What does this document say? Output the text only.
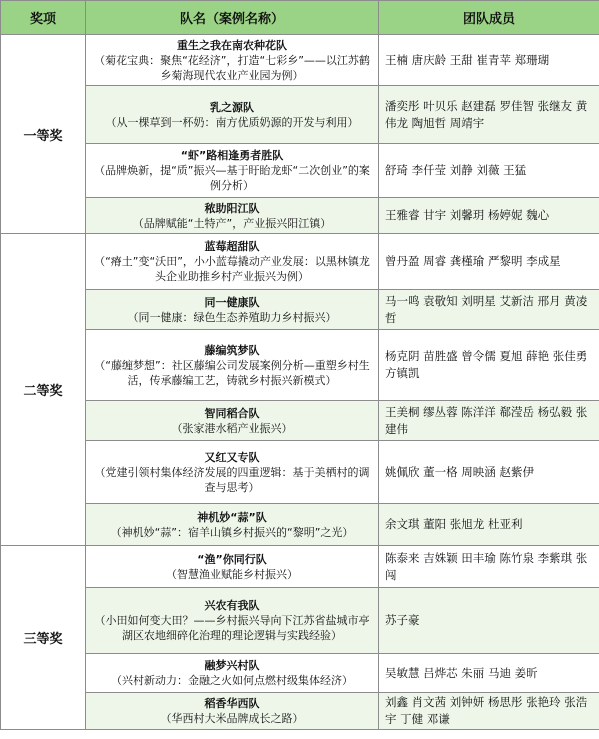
奖项	队名（案例名称）	团队成员
一等奖	重生之我在南农种花队
（菊花宝典：聚焦“花经济”，打造“七彩乡”——以江苏鹤乡菊海现代农业产业园为例）	王楠 唐庆龄 王甜 崔青苹 郑珊瑚

	乳之源队
（从一棵草到一杯奶：南方优质奶源的开发与利用）	潘奕彤 叶贝乐 赵建磊 罗佳智 张继友 黄伟龙 陶旭哲 周靖宇

	“虾”路相逢勇者胜队
（品牌焕新，提“质”振兴—基于盱眙龙虾“二次创业”的案例分析）	舒琦 李仟莹 刘静 刘薇 王猛

	秾助阳江队
（品牌赋能“土特产”，产业振兴阳江镇）	王雅睿 甘宇 刘馨玥 杨婷妮 魏心
二等奖	蓝莓超甜队
（“瘠土”变“沃田”，小小蓝莓撬动产业发展：以黑林镇龙头企业助推乡村产业振兴为例）	曾丹盈 周睿 龚槿瑜 严黎明 李成星

	同一健康队
（同一健康：绿色生态养殖助力乡村振兴）	马一鸣 袁敬知 刘明星 艾新洁 邢月 黄凌哲

	藤编筑梦队
（“藤缠梦想”：社区藤编公司发展案例分析—重塑乡村生活，传承藤编工艺，铸就乡村振兴新模式）	杨克阴 苗胜盛 曾令儒 夏旭 薛艳 张佳勇 方镇凯

	智同稻合队
（张家港水稻产业振兴）	王美桐 缪丛蓉 陈洋洋 郗滢岳 杨弘毅 张建伟

	又红又专队
（党建引领村集体经济发展的四重逻辑：基于美栖村的调查与思考）	姚佩欣 董一格 周映涵 赵紫伊

	神机妙“蒜”队
（神机妙“蒜”：宿羊山镇乡村振兴的“黎明”之光）	余文琪 董阳 张旭龙 杜亚利
三等奖	“渔”你同行队
（智慧渔业赋能乡村振兴）	陈泰来 吉姝颖 田丰瑜 陈竹泉 李紫琪 张闯

	兴农有我队
（小田如何变大田？——乡村振兴导向下江苏省盐城市亭湖区农地细碎化治理的理论逻辑与实践经验）	苏子豪

	融梦兴村队
（兴村新动力：金融之火如何点燃村级集体经济）	吴敏慧 吕烨芯 朱丽 马迪 姜昕

	稻香华西队
（华西村大米品牌成长之路）	刘鑫 肖文茜 刘钟妍 杨思彤 张艳玲 张浩宇 丁健 邓谦
